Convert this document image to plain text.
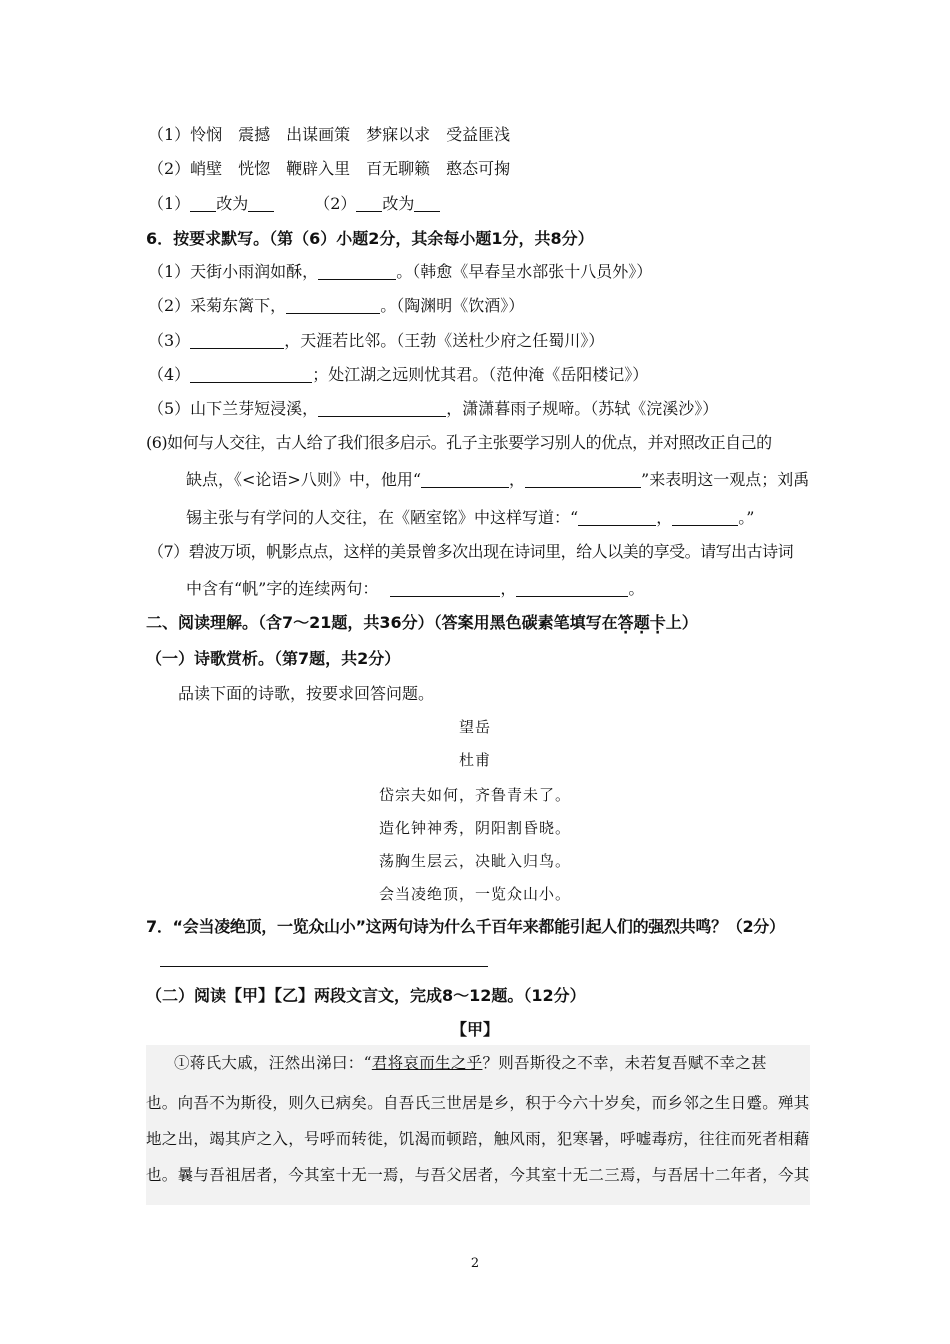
（1）怜悯　震撼　出谋画策　梦寐以求　受益匪浅
（2）峭壁　恍惚　鞭辟入里　百无聊籁　憨态可掬
（1） 改为	（2） 改为
6．按要求默写。（第（6）小题2分，其余每小题1分，共8分）
（1）天街小雨润如酥，	。（韩愈《早春呈水部张十八员外》）
（2）采菊东篱下，	。（陶渊明《饮酒》）
（3）	，天涯若比邻。（王勃《送杜少府之任蜀川》）
（4）	；处江湖之远则忧其君。（范仲淹《岳阳楼记》）
（5）山下兰芽短浸溪，	，潇潇暮雨子规啼。（苏轼《浣溪沙》）
(6)如何与人交往，古人给了我们很多启示。孔子主张要学习别人的优点，并对照改正自己的
缺点，《<论语>八则》中，他用“	，	”来表明这一观点；刘禹
锡主张与有学问的人交往，在《陋室铭》中这样写道：“	，	。”
（7）碧波万顷，帆影点点，这样的美景曾多次出现在诗词里，给人以美的享受。请写出古诗词
中含有“帆”字的连续两句：	，	。
二、阅读理解。（含7～21题，共36分）（答案用黑色碳素笔填写在答题卡上）
（一）诗歌赏析。（第7题，共2分）
品读下面的诗歌，按要求回答问题。
望岳
杜甫
岱宗夫如何，齐鲁青未了。
造化钟神秀，阴阳割昏晓。
荡胸生层云，决眦入归鸟。
会当凌绝顶，一览众山小。
7．“会当凌绝顶，一览众山小”这两句诗为什么千百年来都能引起人们的强烈共鸣？（2分）
（二）阅读【甲】【乙】两段文言文，完成8～12题。（12分）
【甲】
①蒋氏大戚，汪然出涕曰：“君将哀而生之乎？则吾斯役之不幸，未若复吾赋不幸之甚
也。向吾不为斯役，则久已病矣。自吾氏三世居是乡，积于今六十岁矣，而乡邻之生日蹙。殚其
地之出，竭其庐之入，号呼而转徙，饥渴而顿踣，触风雨，犯寒暑，呼嘘毒疠，往往而死者相藉
也。曩与吾祖居者，今其室十无一焉，与吾父居者，今其室十无二三焉，与吾居十二年者，今其
2
